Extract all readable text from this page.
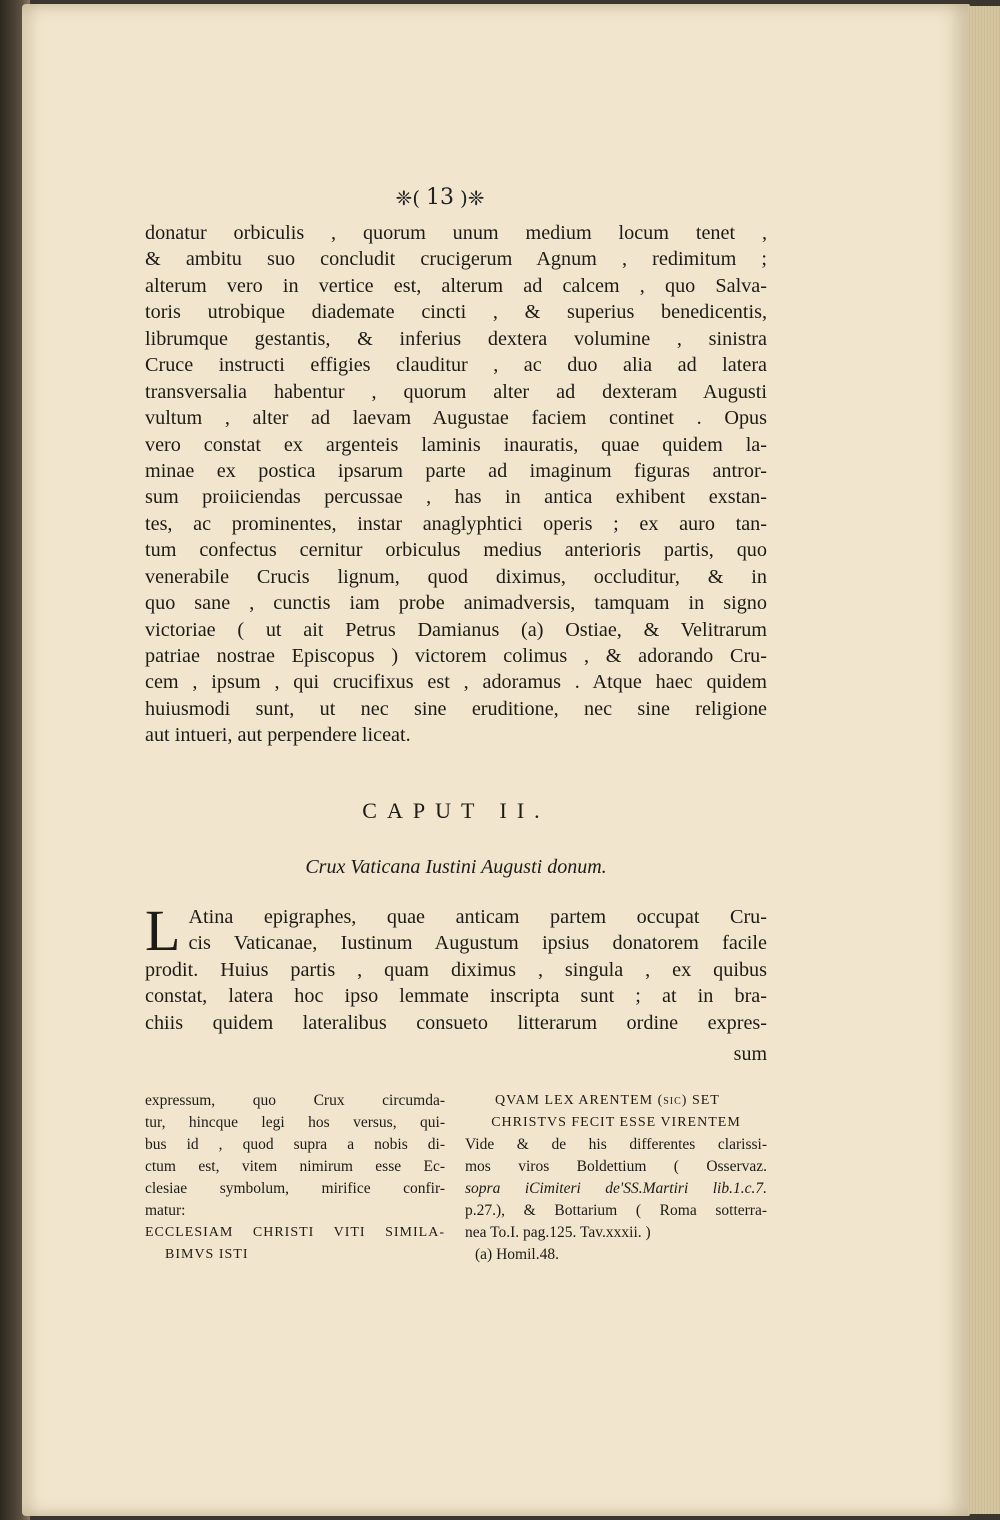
❈( 13 )❈
donatur orbiculis , quorum unum medium locum tenet ,
& ambitu suo concludit crucigerum Agnum , redimitum ;
alterum vero in vertice est, alterum ad calcem , quo Salva-
toris utrobique diademate cincti , & superius benedicentis,
librumque gestantis, & inferius dextera volumine , sinistra
Cruce instructi effigies clauditur , ac duo alia ad latera
transversalia habentur , quorum alter ad dexteram Augusti
vultum , alter ad laevam Augustae faciem continet . Opus
vero constat ex argenteis laminis inauratis, quae quidem la-
minae ex postica ipsarum parte ad imaginum figuras antror-
sum proiiciendas percussae , has in antica exhibent exstan-
tes, ac prominentes, instar anaglyphtici operis ; ex auro tan-
tum confectus cernitur orbiculus medius anterioris partis, quo
venerabile Crucis lignum, quod diximus, occluditur, & in
quo sane , cunctis iam probe animadversis, tamquam in signo
victoriae ( ut ait Petrus Damianus (a) Ostiae, & Velitrarum
patriae nostrae Episcopus ) victorem colimus , & adorando Cru-
cem , ipsum , qui crucifixus est , adoramus . Atque haec quidem
huiusmodi sunt, ut nec sine eruditione, nec sine religione
aut intueri, aut perpendere liceat.
CAPUT II.
Crux Vaticana Iustini Augusti donum.
L Atina epigraphes, quae anticam partem occupat Cru-
cis Vaticanae, Iustinum Augustum ipsius donatorem facile
prodit. Huius partis , quam diximus , singula , ex quibus
constat, latera hoc ipso lemmate inscripta sunt ; at in bra-
chiis quidem lateralibus consueto litterarum ordine expres-
sum
expressum, quo Crux circumda-
tur, hincque legi hos versus, qui-
bus id , quod supra a nobis di-
ctum est, vitem nimirum esse Ec-
clesiae symbolum, mirifice confir-
matur:
ECCLESIAM CHRISTI VITI SIMILA-
BIMVS ISTI
QVAM LEX ARENTEM (sic) SET
CHRISTVS FECIT ESSE VIRENTEM
Vide & de his differentes clarissi-
mos viros Boldettium ( Osservaz.
sopra iCimiteri de'SS.Martiri lib.1.c.7.
p.27.), & Bottarium ( Roma sotterra-
nea To.I. pag.125. Tav.xxxii. )
(a) Homil.48.
